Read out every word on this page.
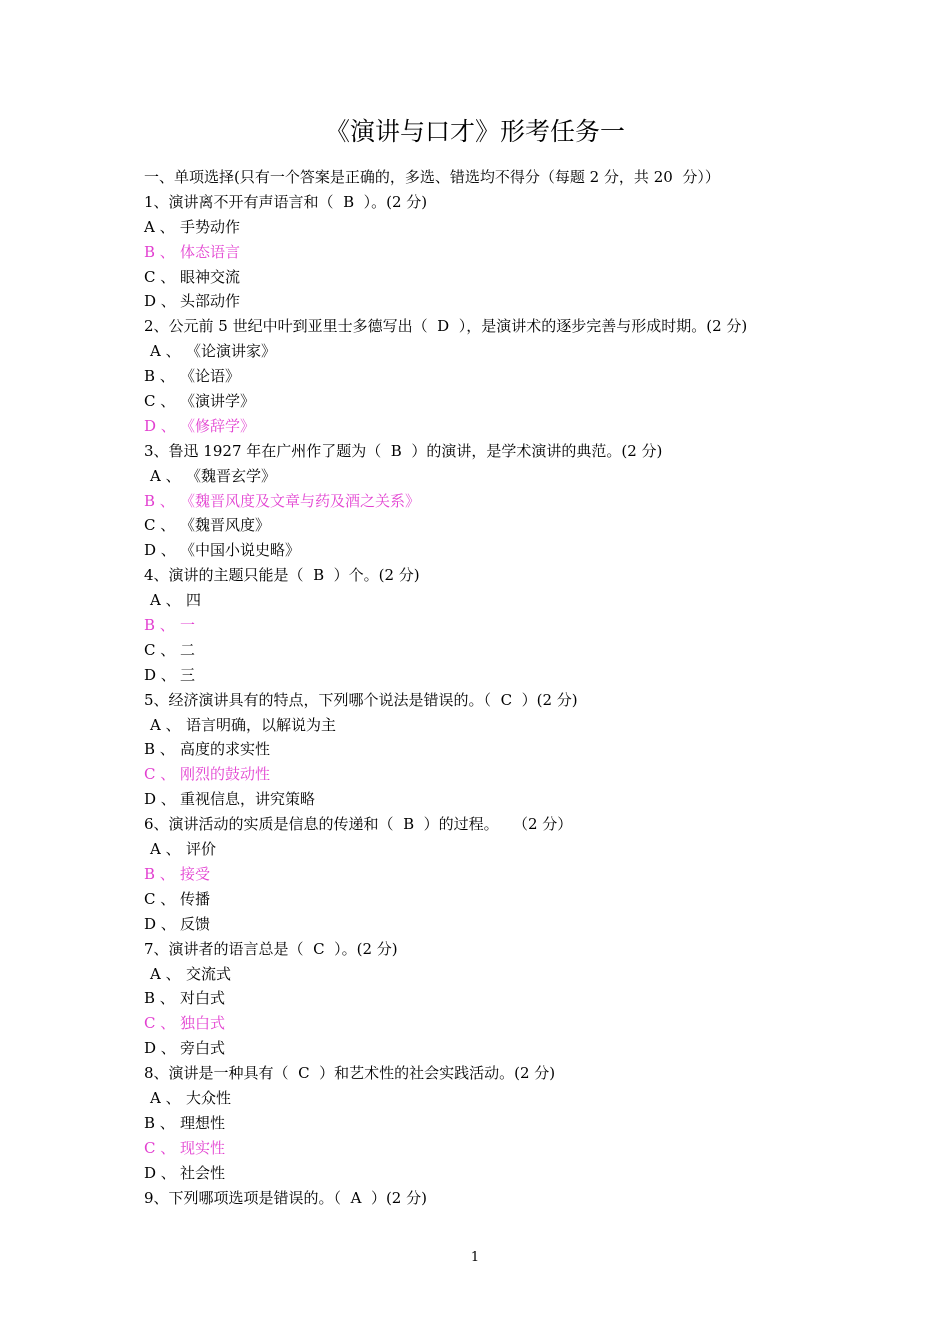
《演讲与口才》形考任务一
一、单项选择(只有一个答案是正确的，多选、错选均不得分（每题 2 分，共 20  分））
1、演讲离不开有声语言和（  B  ）。(2 分)
A 、 手势动作
B 、 体态语言
C 、 眼神交流
D 、 头部动作
2、公元前 5 世纪中叶到亚里士多德写出（  D  ），是演讲术的逐步完善与形成时期。(2 分)
A 、 《论演讲家》
B 、 《论语》
C 、 《演讲学》
D 、 《修辞学》
3、鲁迅 1927 年在广州作了题为（  B  ）的演讲，是学术演讲的典范。(2 分)
A 、 《魏晋玄学》
B 、 《魏晋风度及文章与药及酒之关系》
C 、 《魏晋风度》
D 、 《中国小说史略》
4、演讲的主题只能是（  B  ）个。(2 分)
A 、 四
B 、 一
C 、 二
D 、 三
5、经济演讲具有的特点，下列哪个说法是错误的。（  C  ）(2 分)
A 、 语言明确，以解说为主
B 、 高度的求实性
C 、 刚烈的鼓动性
D 、 重视信息，讲究策略
6、演讲活动的实质是信息的传递和（  B  ）的过程。   （2 分）
A 、 评价
B 、 接受
C 、 传播
D 、 反馈
7、演讲者的语言总是（  C  ）。(2 分)
A 、 交流式
B 、 对白式
C 、 独白式
D 、 旁白式
8、演讲是一种具有（  C  ）和艺术性的社会实践活动。(2 分)
A 、 大众性
B 、 理想性
C 、 现实性
D 、 社会性
9、下列哪项选项是错误的。（  A  ）(2 分)
1
